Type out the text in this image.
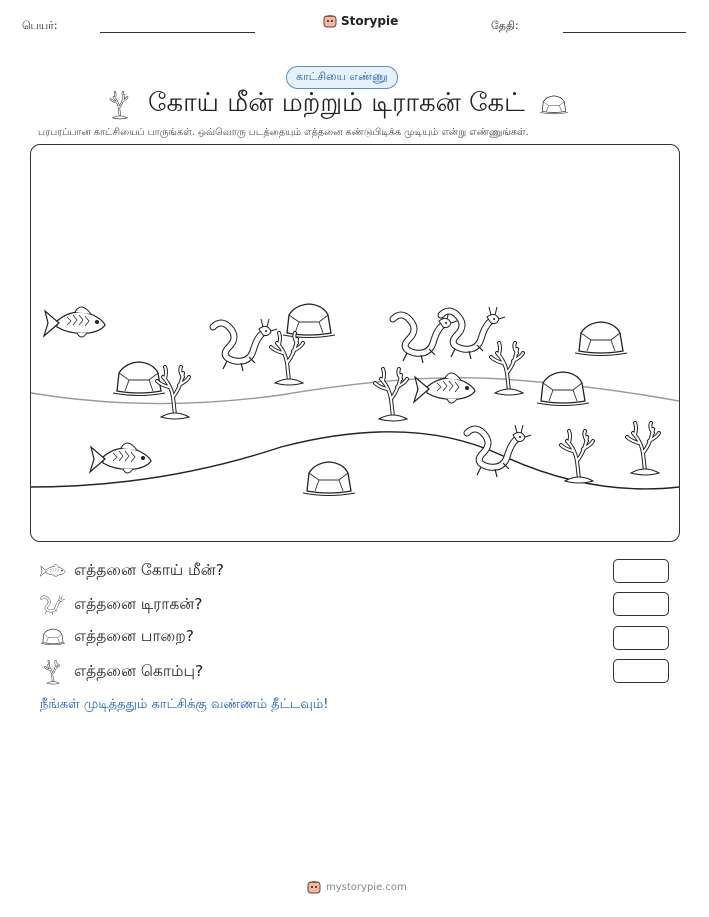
பெயர்:	Storypie	தேதி:
காட்சியை எண்ணு
கோய் மீன் மற்றும் டிராகன் கேட்
பரபரப்பான காட்சியைப் பாருங்கள். ஒவ்வொரு படத்தையும் எத்தனை கண்டுபிடிக்க முடியும் என்று எண்ணுங்கள்.
எத்தனை கோய் மீன்?
எத்தனை டிராகன்?
எத்தனை பாறை?
எத்தனை கொம்பு?
நீங்கள் முடித்ததும் காட்சிக்கு வண்ணம் தீட்டவும்!
mystorypie.com
